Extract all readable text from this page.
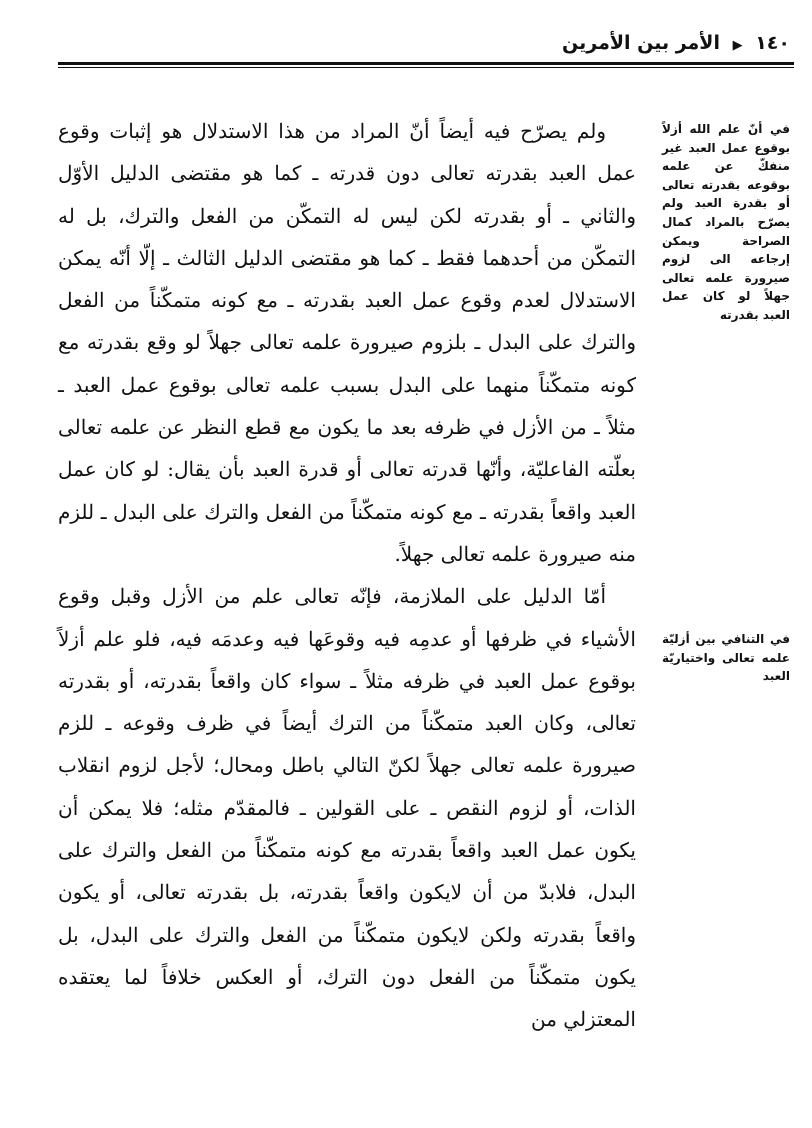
١٤٠ ▶ الأمر بين الأمرين
في أنّ علم الله أزلاً بوقوع عمل العبد غير منفكّ عن علمه بوقوعه بقدرته تعالى أو بقدرة العبد ولم يصرّح بالمراد كمال الصراحة ويمكن إرجاعه الى لزوم صيرورة علمه تعالى جهلاً لو كان عمل العبد بقدرته
في التنافي بين أزليّة علمه تعالى واختياريّة العبد

ولم يصرّح فيه أيضاً أنّ المراد من هذا الاستدلال هو إثبات وقوع عمل العبد بقدرته تعالى دون قدرته ـ كما هو مقتضى الدليل الأوّل والثاني ـ أو بقدرته لكن ليس له التمكّن من الفعل والترك، بل له التمكّن من أحدهما فقط ـ كما هو مقتضى الدليل الثالث ـ إلّا أنّه يمكن الاستدلال لعدم وقوع عمل العبد بقدرته ـ مع كونه متمكّناً من الفعل والترك على البدل ـ بلزوم صيرورة علمه تعالى جهلاً لو وقع بقدرته مع كونه متمكّناً منهما على البدل بسبب علمه تعالى بوقوع عمل العبد ـ مثلاً ـ من الأزل في ظرفه بعد ما يكون مع قطع النظر عن علمه تعالى بعلّته الفاعليّة، وأنّها قدرته تعالى أو قدرة العبد بأن يقال: لو كان عمل العبد واقعاً بقدرته ـ مع كونه متمكّناً من الفعل والترك على البدل ـ للزم منه صيرورة علمه تعالى جهلاً.

أمّا الدليل على الملازمة، فإنّه تعالى علم من الأزل وقبل وقوع الأشياء في ظرفها أو عدمِه فيه وقوعَها فيه وعدمَه فيه، فلو علم أزلاً بوقوع عمل العبد في ظرفه مثلاً ـ سواء كان واقعاً بقدرته، أو بقدرته تعالى، وكان العبد متمكّناً من الترك أيضاً في ظرف وقوعه ـ للزم صيرورة علمه تعالى جهلاً لكنّ التالي باطل ومحال؛ لأجل لزوم انقلاب الذات، أو لزوم النقص ـ على القولين ـ فالمقدّم مثله؛ فلا يمكن أن يكون عمل العبد واقعاً بقدرته مع كونه متمكّناً من الفعل والترك على البدل، فلابدّ من أن لايكون واقعاً بقدرته، بل بقدرته تعالى، أو يكون واقعاً بقدرته ولكن لايكون متمكّناً من الفعل والترك على البدل، بل يكون متمكّناً من الفعل دون الترك، أو العكس خلافاً لما يعتقده المعتزلي من
